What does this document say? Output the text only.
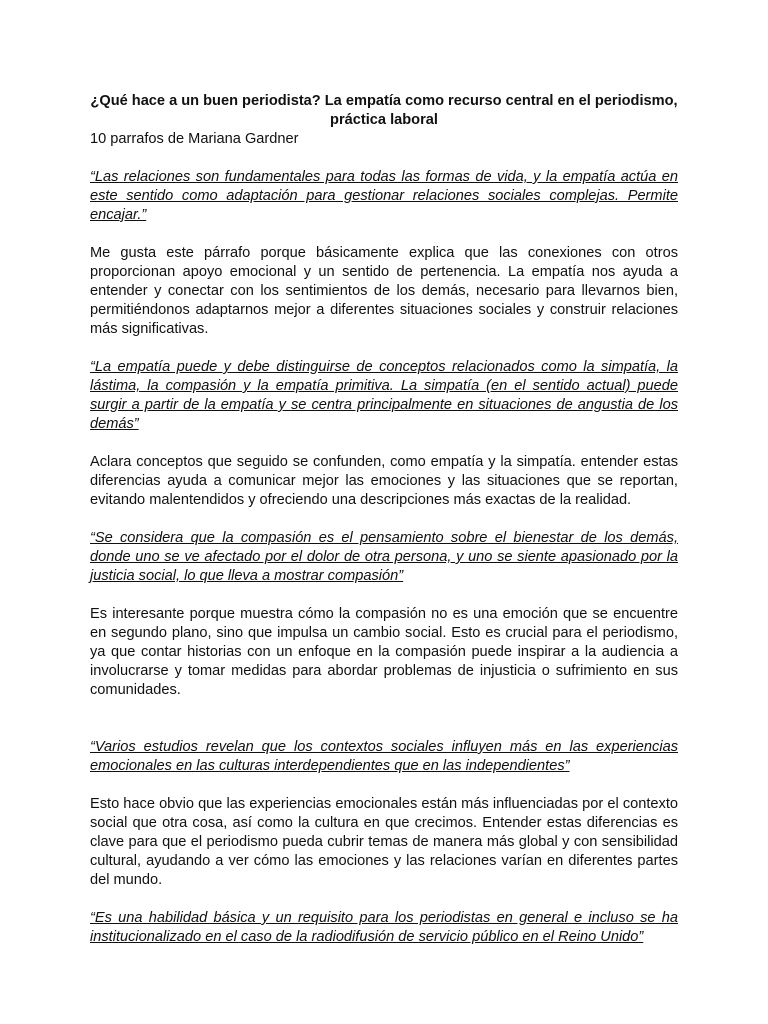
¿Qué hace a un buen periodista? La empatía como recurso central en el periodismo, práctica laboral

10 parrafos de Mariana Gardner

“Las relaciones son fundamentales para todas las formas de vida, y la empatía actúa en este sentido como adaptación para gestionar relaciones sociales complejas. Permite encajar.”

Me gusta este párrafo porque básicamente explica que las conexiones con otros proporcionan apoyo emocional y un sentido de pertenencia. La empatía nos ayuda a entender y conectar con los sentimientos de los demás, necesario para llevarnos bien, permitiéndonos adaptarnos mejor a diferentes situaciones sociales y construir relaciones más significativas.

“La empatía puede y debe distinguirse de conceptos relacionados como la simpatía, la lástima, la compasión y la empatía primitiva. La simpatía (en el sentido actual) puede surgir a partir de la empatía y se centra principalmente en situaciones de angustia de los demás”

Aclara conceptos que seguido se confunden, como empatía y la simpatía. entender estas diferencias ayuda a comunicar mejor las emociones y las situaciones que se reportan, evitando malentendidos y ofreciendo una descripciones más exactas de la realidad.

“Se considera que la compasión es el pensamiento sobre el bienestar de los demás, donde uno se ve afectado por el dolor de otra persona, y uno se siente apasionado por la justicia social, lo que lleva a mostrar compasión”

Es interesante porque muestra cómo la compasión no es una emoción que se encuentre en segundo plano, sino que impulsa un cambio social. Esto es crucial para el periodismo, ya que contar historias con un enfoque en la compasión puede inspirar a la audiencia a involucrarse y tomar medidas para abordar problemas de injusticia o sufrimiento en sus comunidades.

“Varios estudios revelan que los contextos sociales influyen más en las experiencias emocionales en las culturas interdependientes que en las independientes”

Esto hace obvio que las experiencias emocionales están más influenciadas por el contexto social que otra cosa, así como la cultura en que crecimos. Entender estas diferencias es clave para que el periodismo pueda cubrir temas de manera más global y con sensibilidad cultural, ayudando a ver cómo las emociones y las relaciones varían en diferentes partes del mundo.

“Es una habilidad básica y un requisito para los periodistas en general e incluso se ha institucionalizado en el caso de la radiodifusión de servicio público en el Reino Unido”
